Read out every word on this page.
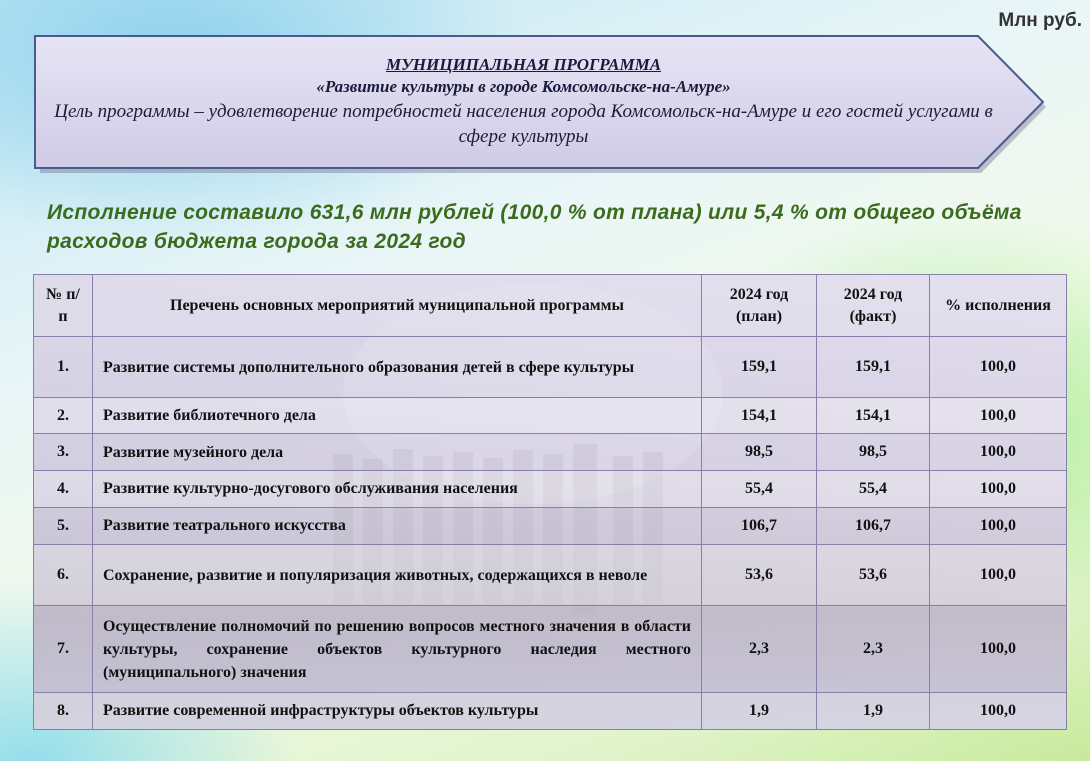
Млн руб.
МУНИЦИПАЛЬНАЯ ПРОГРАММА
«Развитие культуры в городе Комсомольске-на-Амуре»
Цель программы – удовлетворение потребностей населения города Комсомольск-на-Амуре и его гостей услугами в сфере культуры
Исполнение составило 631,6 млн рублей (100,0 % от плана) или 5,4 % от общего объёма расходов бюджета города за 2024 год
№ п/п	Перечень основных мероприятий муниципальной программы	2024 год (план)	2024 год (факт)	% исполнения
1.	Развитие системы дополнительного образования детей в сфере культуры	159,1	159,1	100,0
2.	Развитие библиотечного дела	154,1	154,1	100,0
3.	Развитие музейного дела	98,5	98,5	100,0
4.	Развитие культурно-досугового обслуживания населения	55,4	55,4	100,0
5.	Развитие театрального искусства	106,7	106,7	100,0
6.	Сохранение, развитие и популяризация животных, содержащихся в неволе	53,6	53,6	100,0
7.	Осуществление полномочий по решению вопросов местного значения в области культуры, сохранение объектов культурного наследия местного (муниципального) значения	2,3	2,3	100,0
8.	Развитие современной инфраструктуры объектов культуры	1,9	1,9	100,0
